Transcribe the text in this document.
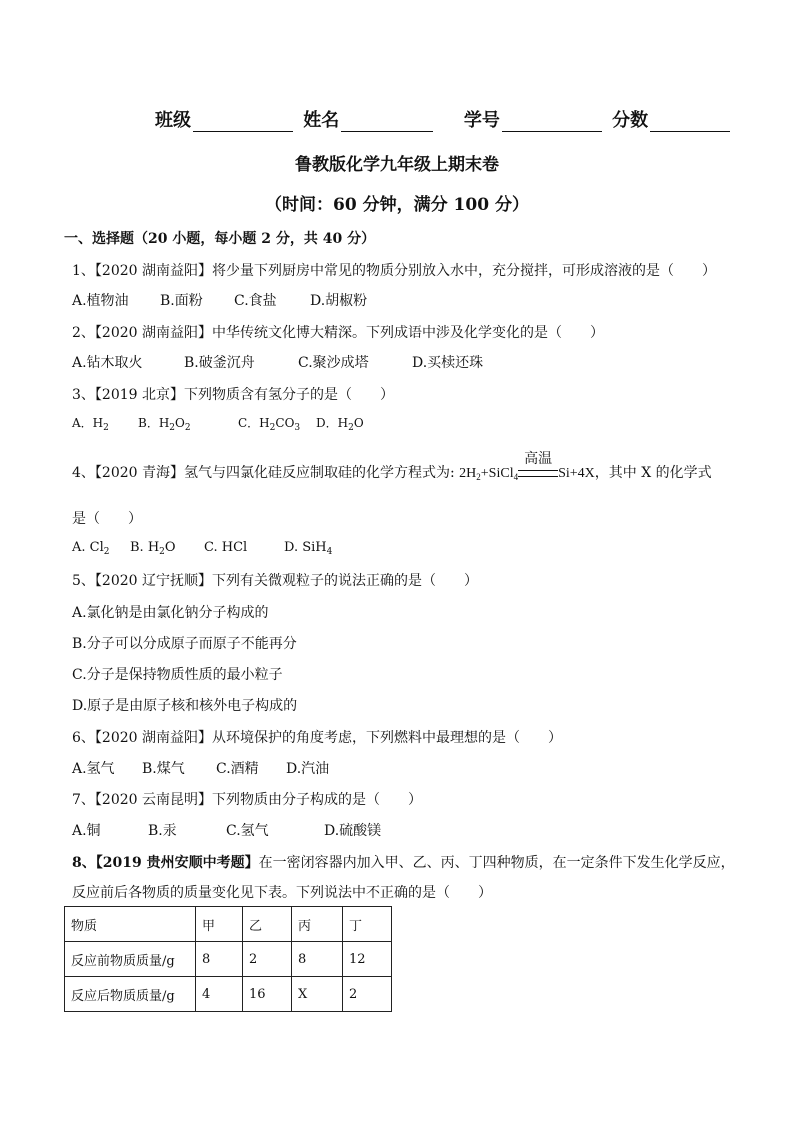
班级	姓名	学号	分数
鲁教版化学九年级上期末卷
（时间：60 分钟，满分 100 分）
一、选择题（20 小题，每小题 2 分，共 40 分）
1、【2020 湖南益阳】将少量下列厨房中常见的物质分别放入水中，充分搅拌，可形成溶液的是（　　）
A.植物油 B.面粉 C.食盐 D.胡椒粉
2、【2020 湖南益阳】中华传统文化博大精深。下列成语中涉及化学变化的是（　　）
A.钻木取火	B.破釜沉舟	C.聚沙成塔	D.买椟还珠
3、【2019 北京】下列物质含有氢分子的是（　　）
A．$H_2$ B．$H_2O_2$	C．$H_2CO_3$ D．$H_2O$
4、【2020 青海】氢气与四氯化硅反应制取硅的化学方程式为: $2H_2+SiCl_4$
高温
Si+4X，其中 X 的化学式
是（　　）
A. $Cl_2$ B. $H_2O$ C. HCl	D. SiH$_4$
5、【2020 辽宁抚顺】下列有关微观粒子的说法正确的是（　　）
A.氯化钠是由氯化钠分子构成的
B.分子可以分成原子而原子不能再分
C.分子是保持物质性质的最小粒子
D.原子是由原子核和核外电子构成的
6、【2020 湖南益阳】从环境保护的角度考虑，下列燃料中最理想的是（　　）
A.氢气 B.煤气 C.酒精 D.汽油
7、【2020 云南昆明】下列物质由分子构成的是（　　）
A.铜	B.汞	C.氢气	D.硫酸镁
8、【2019 贵州安顺中考题】在一密闭容器内加入甲、乙、丙、丁四种物质，在一定条件下发生化学反应，
反应前后各物质的质量变化见下表。下列说法中不正确的是（　　）
物质	甲	乙	丙	丁
反应前物质质量/g	8	2	8	12
反应后物质质量/g	4	16	X	2
